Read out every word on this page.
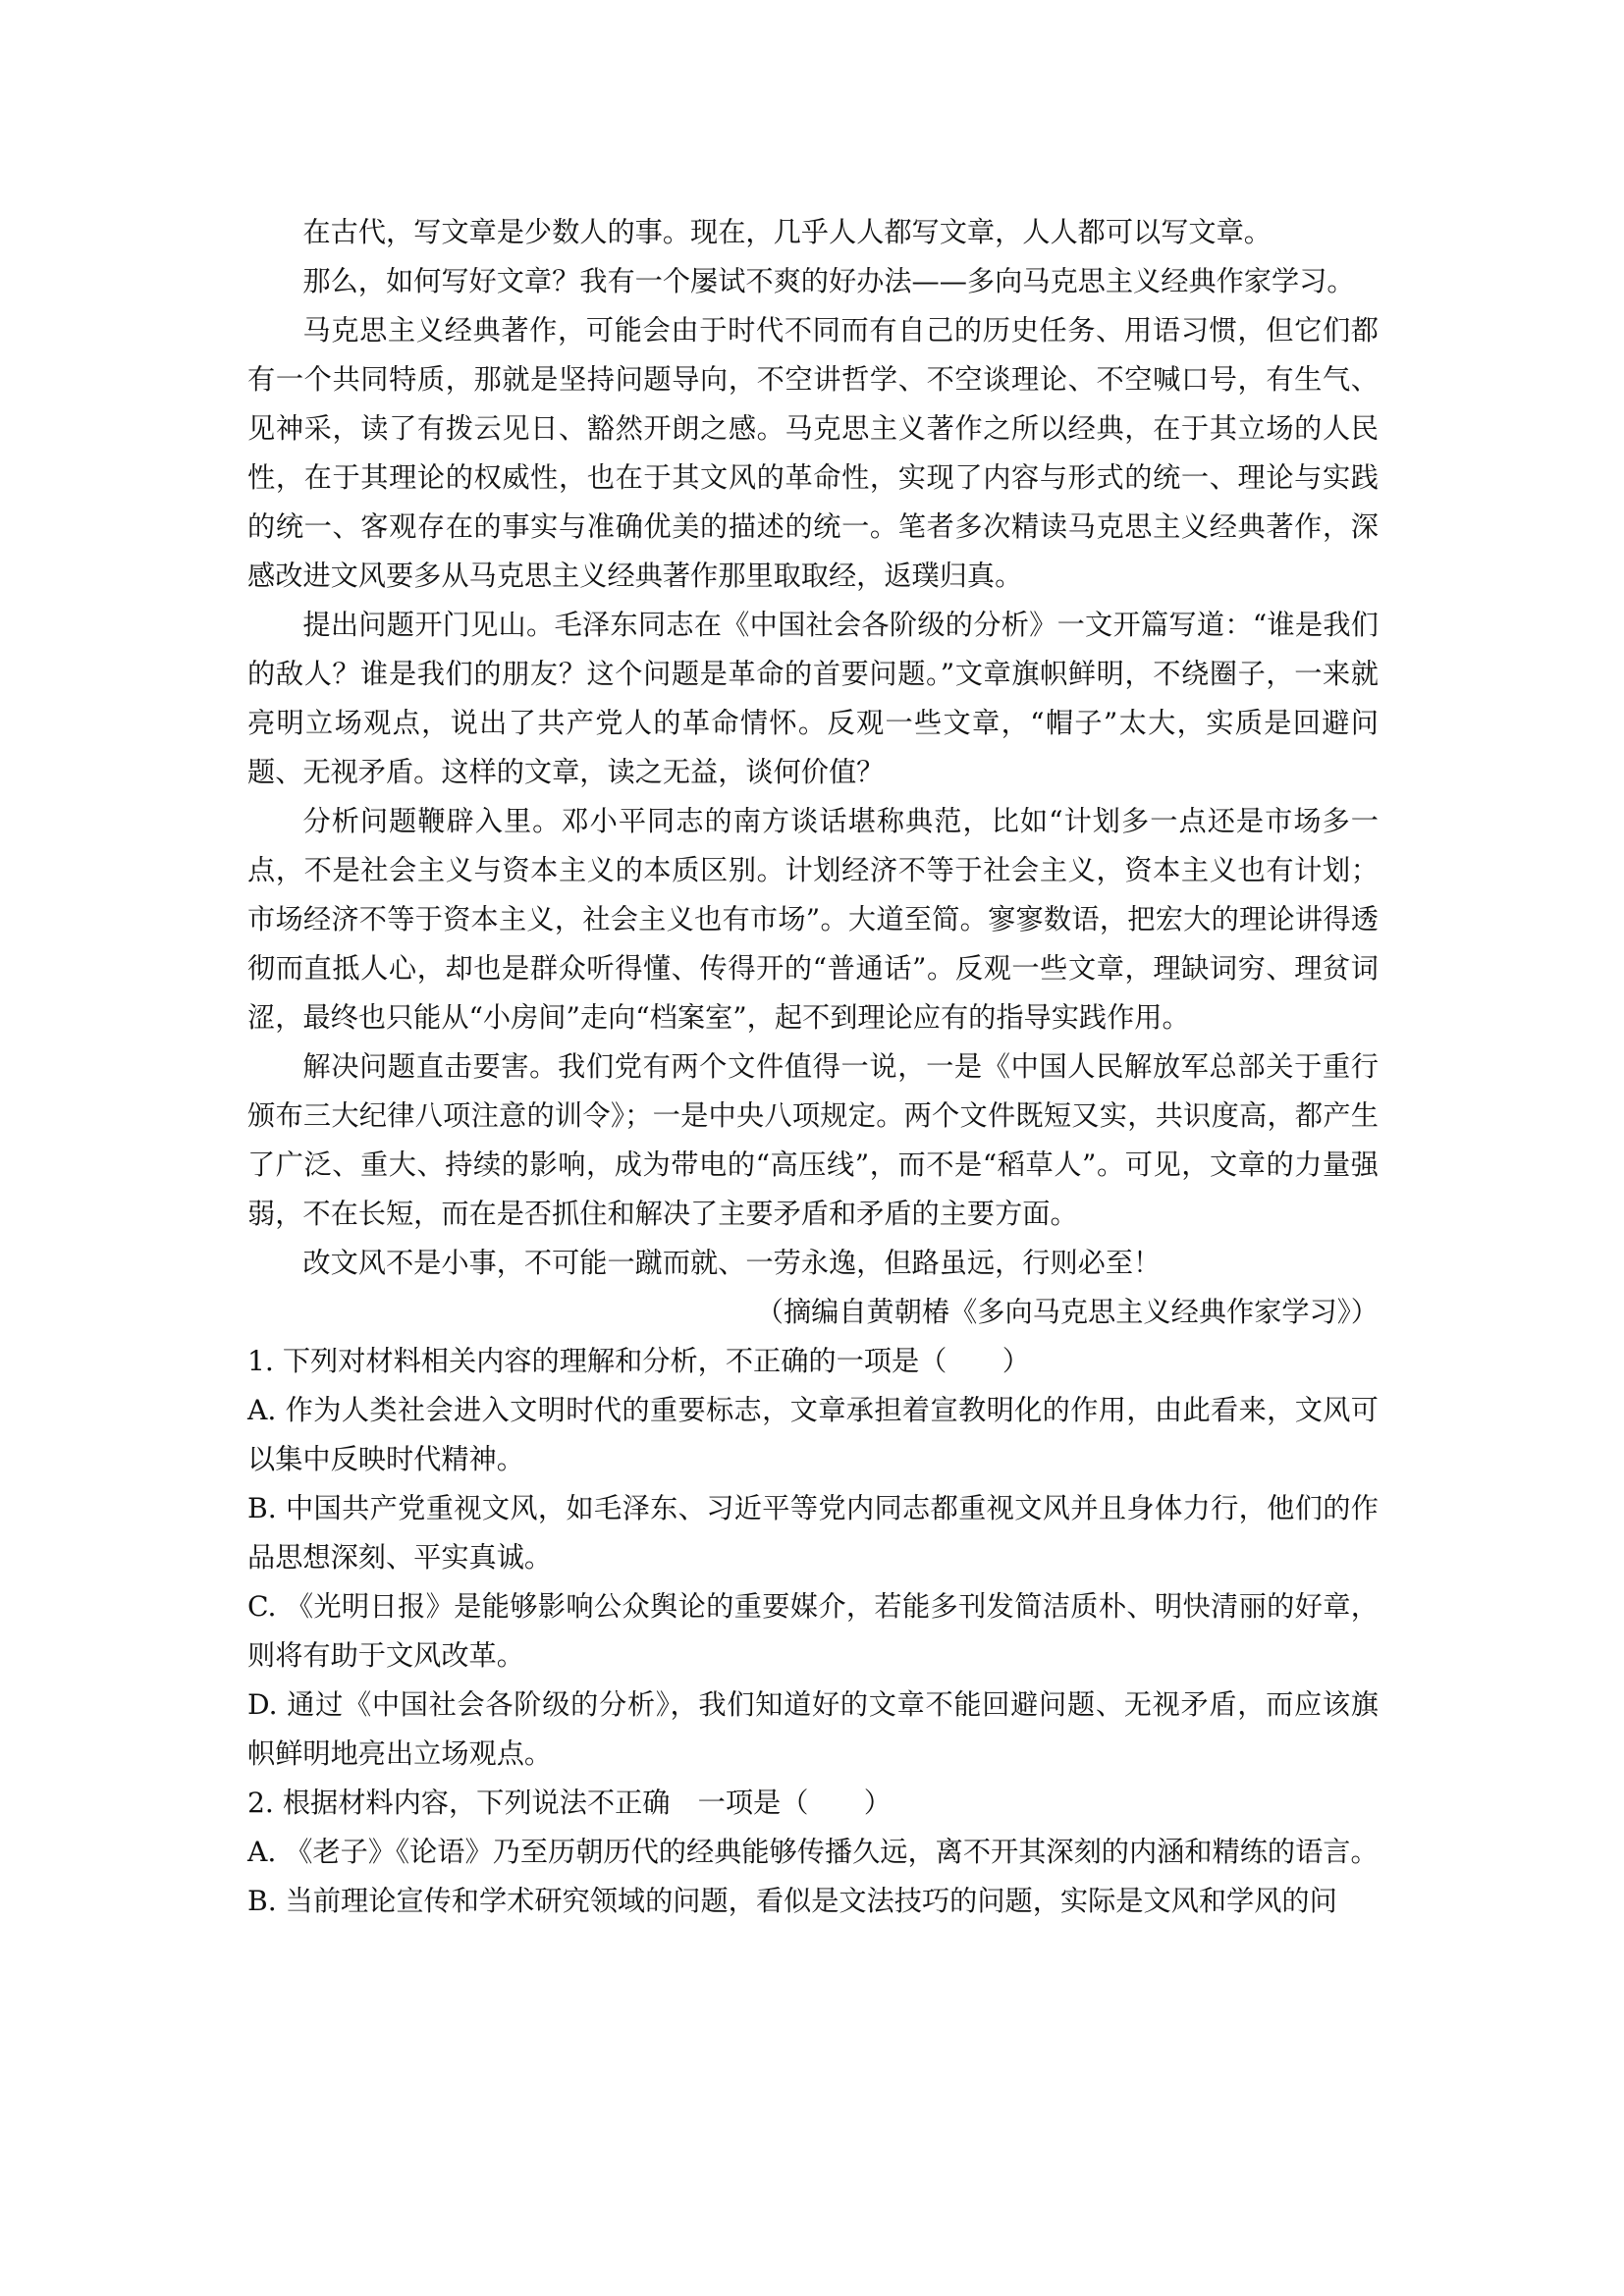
在古代，写文章是少数人的事。现在，几乎人人都写文章，人人都可以写文章。

那么，如何写好文章？我有一个屡试不爽的好办法——多向马克思主义经典作家学习。

马克思主义经典著作，可能会由于时代不同而有自己的历史任务、用语习惯，但它们都有一个共同特质，那就是坚持问题导向，不空讲哲学、不空谈理论、不空喊口号，有生气、见神采，读了有拨云见日、豁然开朗之感。马克思主义著作之所以经典，在于其立场的人民性，在于其理论的权威性，也在于其文风的革命性，实现了内容与形式的统一、理论与实践的统一、客观存在的事实与准确优美的描述的统一。笔者多次精读马克思主义经典著作，深感改进文风要多从马克思主义经典著作那里取取经，返璞归真。

提出问题开门见山。毛泽东同志在《中国社会各阶级的分析》一文开篇写道：“谁是我们的敌人？谁是我们的朋友？这个问题是革命的首要问题。”文章旗帜鲜明，不绕圈子，一来就亮明立场观点，说出了共产党人的革命情怀。反观一些文章，“帽子”太大，实质是回避问题、无视矛盾。这样的文章，读之无益，谈何价值？

分析问题鞭辟入里。邓小平同志的南方谈话堪称典范，比如“计划多一点还是市场多一点，不是社会主义与资本主义的本质区别。计划经济不等于社会主义，资本主义也有计划；市场经济不等于资本主义，社会主义也有市场”。大道至简。寥寥数语，把宏大的理论讲得透彻而直抵人心，却也是群众听得懂、传得开的“普通话”。反观一些文章，理缺词穷、理贫词涩，最终也只能从“小房间”走向“档案室”，起不到理论应有的指导实践作用。

解决问题直击要害。我们党有两个文件值得一说，一是《中国人民解放军总部关于重行颁布三大纪律八项注意的训令》；一是中央八项规定。两个文件既短又实，共识度高，都产生了广泛、重大、持续的影响，成为带电的“高压线”，而不是“稻草人”。可见，文章的力量强弱，不在长短，而在是否抓住和解决了主要矛盾和矛盾的主要方面。

改文风不是小事，不可能一蹴而就、一劳永逸，但路虽远，行则必至！

（摘编自黄朝椿《多向马克思主义经典作家学习》）

1. 下列对材料相关内容的理解和分析，不正确的一项是（　　）

A. 作为人类社会进入文明时代的重要标志，文章承担着宣教明化的作用，由此看来，文风可以集中反映时代精神。

B. 中国共产党重视文风，如毛泽东、习近平等党内同志都重视文风并且身体力行，他们的作品思想深刻、平实真诚。

C. 《光明日报》是能够影响公众舆论的重要媒介，若能多刊发简洁质朴、明快清丽的好章，则将有助于文风改革。

D. 通过《中国社会各阶级的分析》，我们知道好的文章不能回避问题、无视矛盾，而应该旗帜鲜明地亮出立场观点。

2. 根据材料内容，下列说法不正确　一项是（　　）

A. 《老子》《论语》乃至历朝历代的经典能够传播久远，离不开其深刻的内涵和精练的语言。

B. 当前理论宣传和学术研究领域的问题，看似是文法技巧的问题，实际是文风和学风的问
